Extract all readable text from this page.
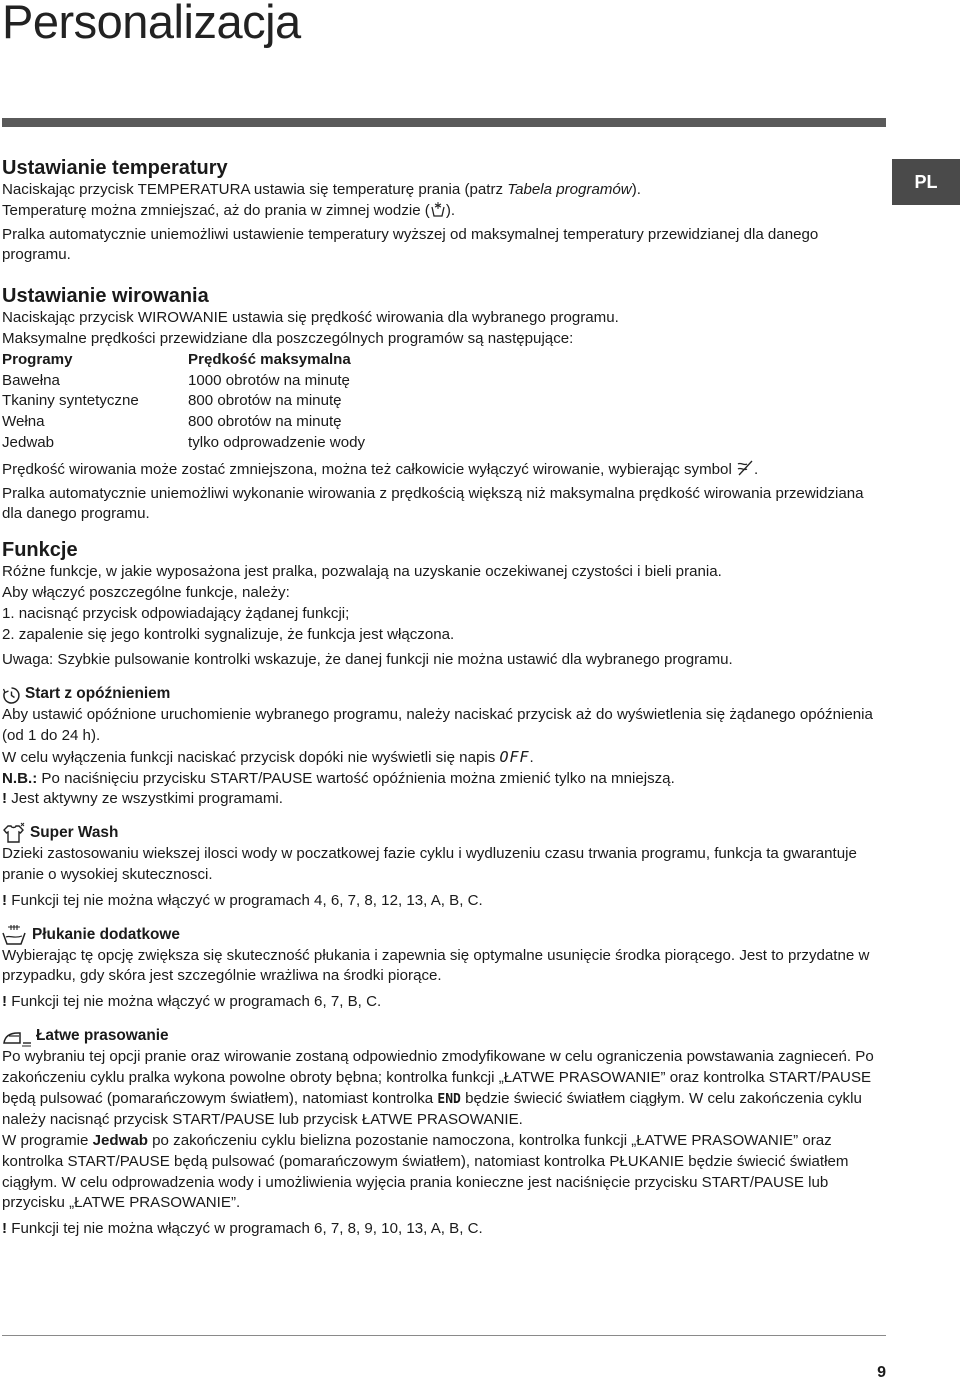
Personalizacja
PL
Ustawianie temperatury

Naciskając przycisk TEMPERATURA ustawia się temperaturę prania (patrz Tabela programów).

Temperaturę można zmniejszać, aż do prania w zimnej wodzie ( ).

Pralka automatycznie uniemożliwi ustawienie temperatury wyższej od maksymalnej temperatury przewidzianej dla danego programu.

Ustawianie wirowania

Naciskając przycisk WIROWANIE ustawia się prędkość wirowania dla wybranego programu.

Maksymalne prędkości przewidziane dla poszczególnych programów są następujące:

Programy	Prędkość maksymalna
Bawełna	1000 obrotów na minutę
Tkaniny syntetyczne	800 obrotów na minutę
Wełna	800 obrotów na minutę
Jedwab	tylko odprowadzenie wody

Prędkość wirowania może zostać zmniejszona, można też całkowicie wyłączyć wirowanie, wybierając symbol .

Pralka automatycznie uniemożliwi wykonanie wirowania z prędkością większą niż maksymalna prędkość wirowania przewidziana dla danego programu.

Funkcje

Różne funkcje, w jakie wyposażona jest pralka, pozwalają na uzyskanie oczekiwanej czystości i bieli prania.

Aby włączyć poszczególne funkcje, należy:

1. nacisnąć przycisk odpowiadający żądanej funkcji;

2. zapalenie się jego kontrolki sygnalizuje, że funkcja jest włączona.

Uwaga: Szybkie pulsowanie kontrolki wskazuje, że danej funkcji nie można ustawić dla wybranego programu.

Start z opóźnieniem

Aby ustawić opóźnione uruchomienie wybranego programu, należy naciskać przycisk aż do wyświetlenia się żądanego opóźnienia (od 1 do 24 h).

W celu wyłączenia funkcji naciskać przycisk dopóki nie wyświetli się napis OFF.

N.B.: Po naciśnięciu przycisku START/PAUSE wartość opóźnienia można zmienić tylko na mniejszą.

! Jest aktywny ze wszystkimi programami.

Super Wash

Dzieki zastosowaniu wiekszej ilosci wody w poczatkowej fazie cyklu i wydluzeniu czasu trwania programu, funkcja ta gwarantuje pranie o wysokiej skutecznosci.

! Funkcji tej nie można włączyć w programach 4, 6, 7, 8, 12, 13, A, B, C.

Płukanie dodatkowe

Wybierając tę opcję zwiększa się skuteczność płukania i zapewnia się optymalne usunięcie środka piorącego. Jest to przydatne w przypadku, gdy skóra jest szczególnie wrażliwa na środki piorące.

! Funkcji tej nie można włączyć w programach 6, 7, B, C.

Łatwe prasowanie

Po wybraniu tej opcji pranie oraz wirowanie zostaną odpowiednio zmodyfikowane w celu ograniczenia powstawania zagnieceń. Po zakończeniu cyklu pralka wykona powolne obroty bębna; kontrolka funkcji „ŁATWE PRASOWANIE” oraz kontrolka START/PAUSE będą pulsować (pomarańczowym światłem), natomiast kontrolka END będzie świecić światłem ciągłym. W celu zakończenia cyklu należy nacisnąć przycisk START/PAUSE lub przycisk ŁATWE PRASOWANIE.

W programie Jedwab po zakończeniu cyklu bielizna pozostanie namoczona, kontrolka funkcji „ŁATWE PRASOWANIE” oraz kontrolka START/PAUSE będą pulsować (pomarańczowym światłem), natomiast kontrolka PŁUKANIE będzie świecić światłem ciągłym. W celu odprowadzenia wody i umożliwienia wyjęcia prania konieczne jest naciśnięcie przycisku START/PAUSE lub przycisku „ŁATWE PRASOWANIE”.

! Funkcji tej nie można włączyć w programach 6, 7, 8, 9, 10, 13, A, B, C.

9
